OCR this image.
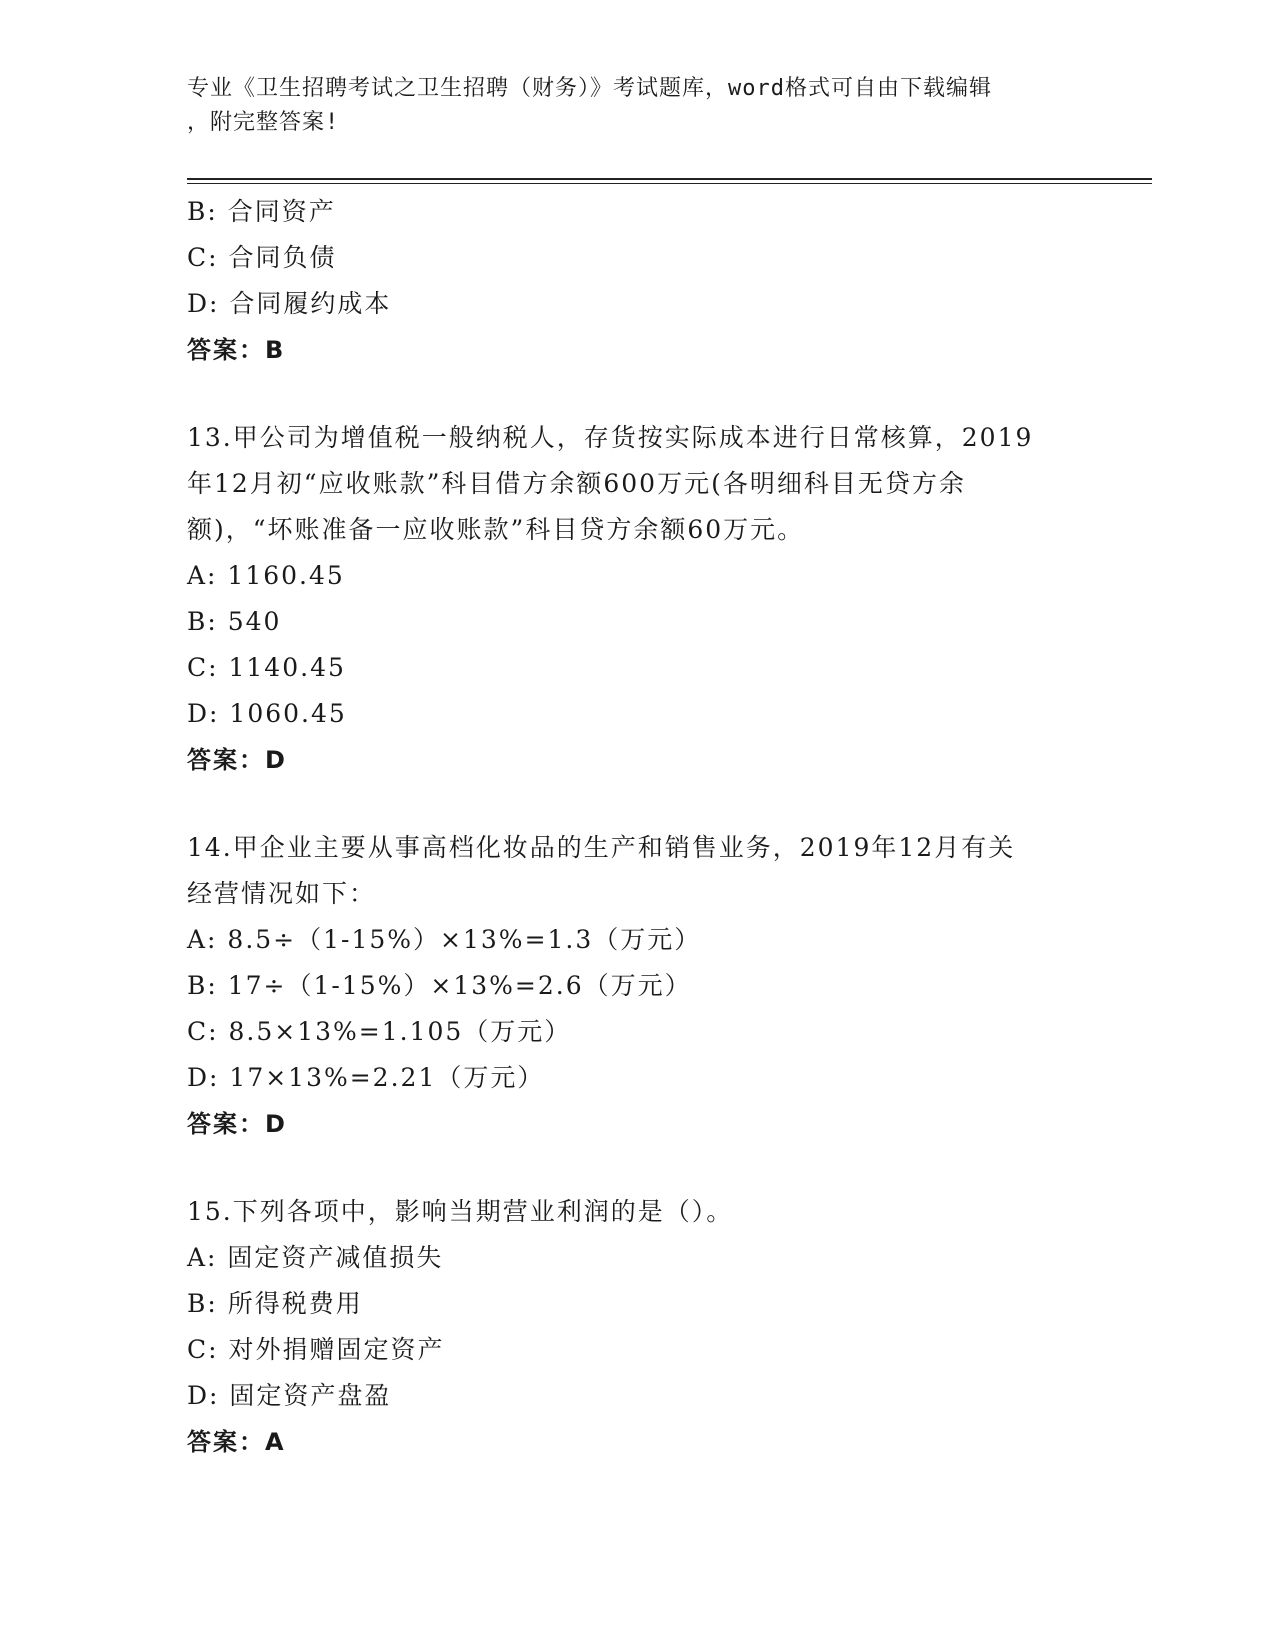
专业《卫生招聘考试之卫生招聘（财务）》考试题库，word格式可自由下载编辑
，附完整答案!
B: 合同资产
C: 合同负债
D: 合同履约成本
答案：B
13.甲公司为增值税一般纳税人，存货按实际成本进行日常核算，2019
年12月初“应收账款”科目借方余额600万元(各明细科目无贷方余
额)，“坏账准备一应收账款”科目贷方余额60万元。
A: 1160.45
B: 540
C: 1140.45
D: 1060.45
答案：D
14.甲企业主要从事高档化妆品的生产和销售业务，2019年12月有关
经营情况如下：
A: 8.5÷（1-15%）×13%=1.3（万元）
B: 17÷（1-15%）×13%=2.6（万元）
C: 8.5×13%=1.105（万元）
D: 17×13%=2.21（万元）
答案：D
15.下列各项中，影响当期营业利润的是（）。
A: 固定资产减值损失
B: 所得税费用
C: 对外捐赠固定资产
D: 固定资产盘盈
答案：A
